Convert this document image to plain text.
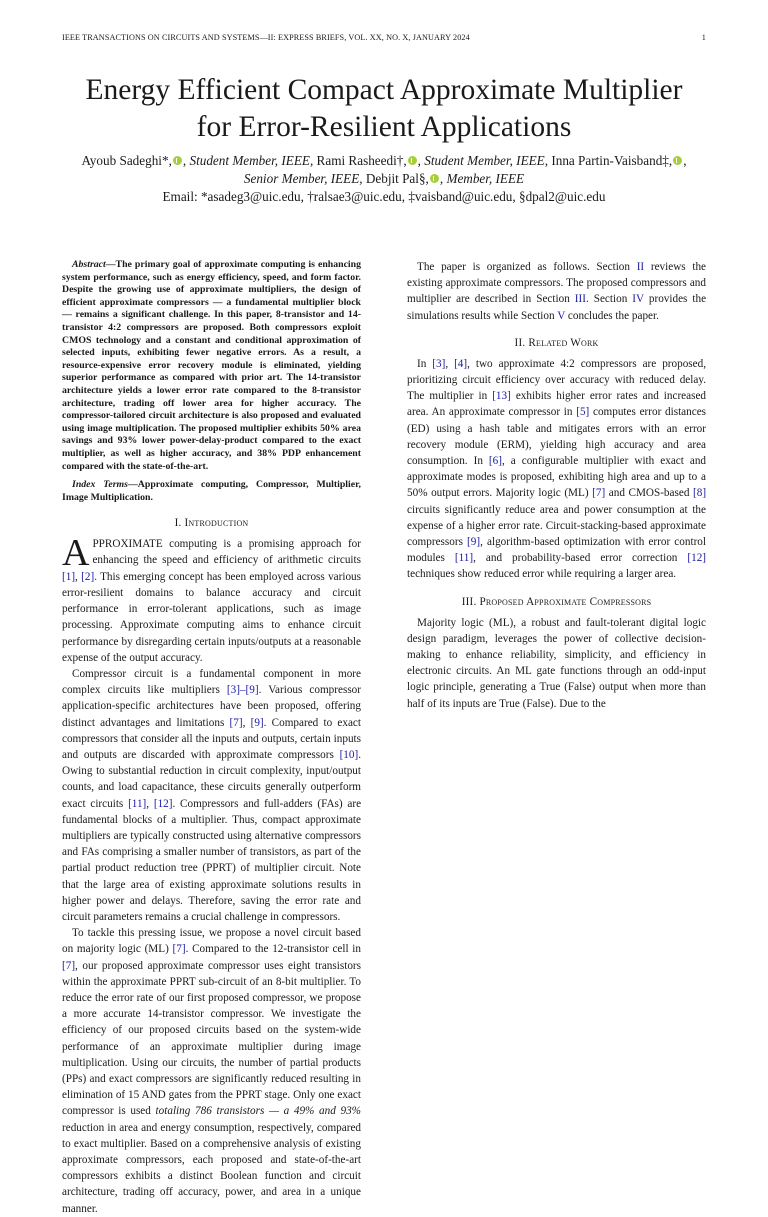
IEEE TRANSACTIONS ON CIRCUITS AND SYSTEMS—II: EXPRESS BRIEFS, VOL. XX, NO. X, JANUARY 2024	1
Energy Efficient Compact Approximate Multiplier
for Error-Resilient Applications
Ayoub Sadeghi*, , Student Member, IEEE, Rami Rasheedi†, , Student Member, IEEE, Inna Partin-Vaisband‡, , Senior Member, IEEE, Debjit Pal§, , Member, IEEE
Email: *asadeg3@uic.edu, †ralsae3@uic.edu, ‡vaisband@uic.edu, §dpal2@uic.edu

Abstract—The primary goal of approximate computing is enhancing system performance, such as energy efficiency, speed, and form factor. Despite the growing use of approximate multipliers, the design of efficient approximate compressors — a fundamental multiplier block — remains a significant challenge. In this paper, 8-transistor and 14-transistor 4:2 compressors are proposed. Both compressors exploit CMOS technology and a constant and conditional approximation of selected inputs, exhibiting fewer negative errors. As a result, a resource-expensive error recovery module is eliminated, yielding superior performance as compared with prior art. The 14-transistor architecture yields a lower error rate compared to the 8-transistor architecture, trading off lower area for higher accuracy. The compressor-tailored circuit architecture is also proposed and evaluated using image multiplication. The proposed multiplier exhibits 50% area savings and 93% lower power-delay-product compared to the exact multiplier, as well as higher accuracy, and 38% PDP enhancement compared with the state-of-the-art.

Index Terms—Approximate computing, Compressor, Multiplier, Image Multiplication.

I. Introduction

APPROXIMATE computing is a promising approach for enhancing the speed and efficiency of arithmetic circuits [1], [2]. This emerging concept has been employed across various error-resilient domains to balance accuracy and circuit performance in error-tolerant applications, such as image processing. Approximate computing aims to enhance circuit performance by disregarding certain inputs/outputs at a reasonable expense of the output accuracy.

Compressor circuit is a fundamental component in more complex circuits like multipliers [3]–[9]. Various compressor application-specific architectures have been proposed, offering distinct advantages and limitations [7], [9]. Compared to exact compressors that consider all the inputs and outputs, certain inputs and outputs are discarded with approximate compressors [10]. Owing to substantial reduction in circuit complexity, input/output counts, and load capacitance, these circuits generally outperform exact circuits [11], [12]. Compressors and full-adders (FAs) are fundamental blocks of a multiplier. Thus, compact approximate multipliers are typically constructed using alternative compressors and FAs comprising a smaller number of transistors, as part of the partial product reduction tree (PPRT) of multiplier circuit. Note that the large area of existing approximate solutions results in higher power and delays. Therefore, saving the error rate and circuit parameters remains a crucial challenge in compressors.

To tackle this pressing issue, we propose a novel circuit based on majority logic (ML) [7]. Compared to the 12-transistor cell in [7], our proposed approximate compressor uses eight transistors within the approximate PPRT sub-circuit of an 8-bit multiplier. To reduce the error rate of our first proposed compressor, we propose a more accurate 14-transistor compressor. We investigate the efficiency of our proposed circuits based on the system-wide performance of an approximate multiplier during image multiplication. Using our circuits, the number of partial products (PPs) and exact compressors are significantly reduced resulting in elimination of 15 AND gates from the PPRT stage. Only one exact compressor is used totaling 786 transistors — a 49% and 93% reduction in area and energy consumption, respectively, compared to exact multiplier. Based on a comprehensive analysis of existing approximate compressors, each proposed and state-of-the-art compressors exhibits a distinct Boolean function and circuit architecture, trading off accuracy, power, and area in a unique manner.

The paper is organized as follows. Section II reviews the existing approximate compressors. The proposed compressors and multiplier are described in Section III. Section IV provides the simulations results while Section V concludes the paper.

II. Related Work

In [3], [4], two approximate 4:2 compressors are proposed, prioritizing circuit efficiency over accuracy with reduced delay. The multiplier in [13] exhibits higher error rates and increased area. An approximate compressor in [5] computes error distances (ED) using a hash table and mitigates errors with an error recovery module (ERM), yielding high accuracy and area consumption. In [6], a configurable multiplier with exact and approximate modes is proposed, exhibiting high area and up to a 50% output errors. Majority logic (ML) [7] and CMOS-based [8] circuits significantly reduce area and power consumption at the expense of a higher error rate. Circuit-stacking-based approximate compressors [9], algorithm-based optimization with error control modules [11], and probability-based error correction [12] techniques show reduced error while requiring a larger area.

III. Proposed Approximate Compressors

Majority logic (ML), a robust and fault-tolerant digital logic design paradigm, leverages the power of collective decision-making to enhance reliability, simplicity, and efficiency in electronic circuits. An ML gate functions through an odd-input logic principle, generating a True (False) output when more than half of its inputs are True (False). Due to the
